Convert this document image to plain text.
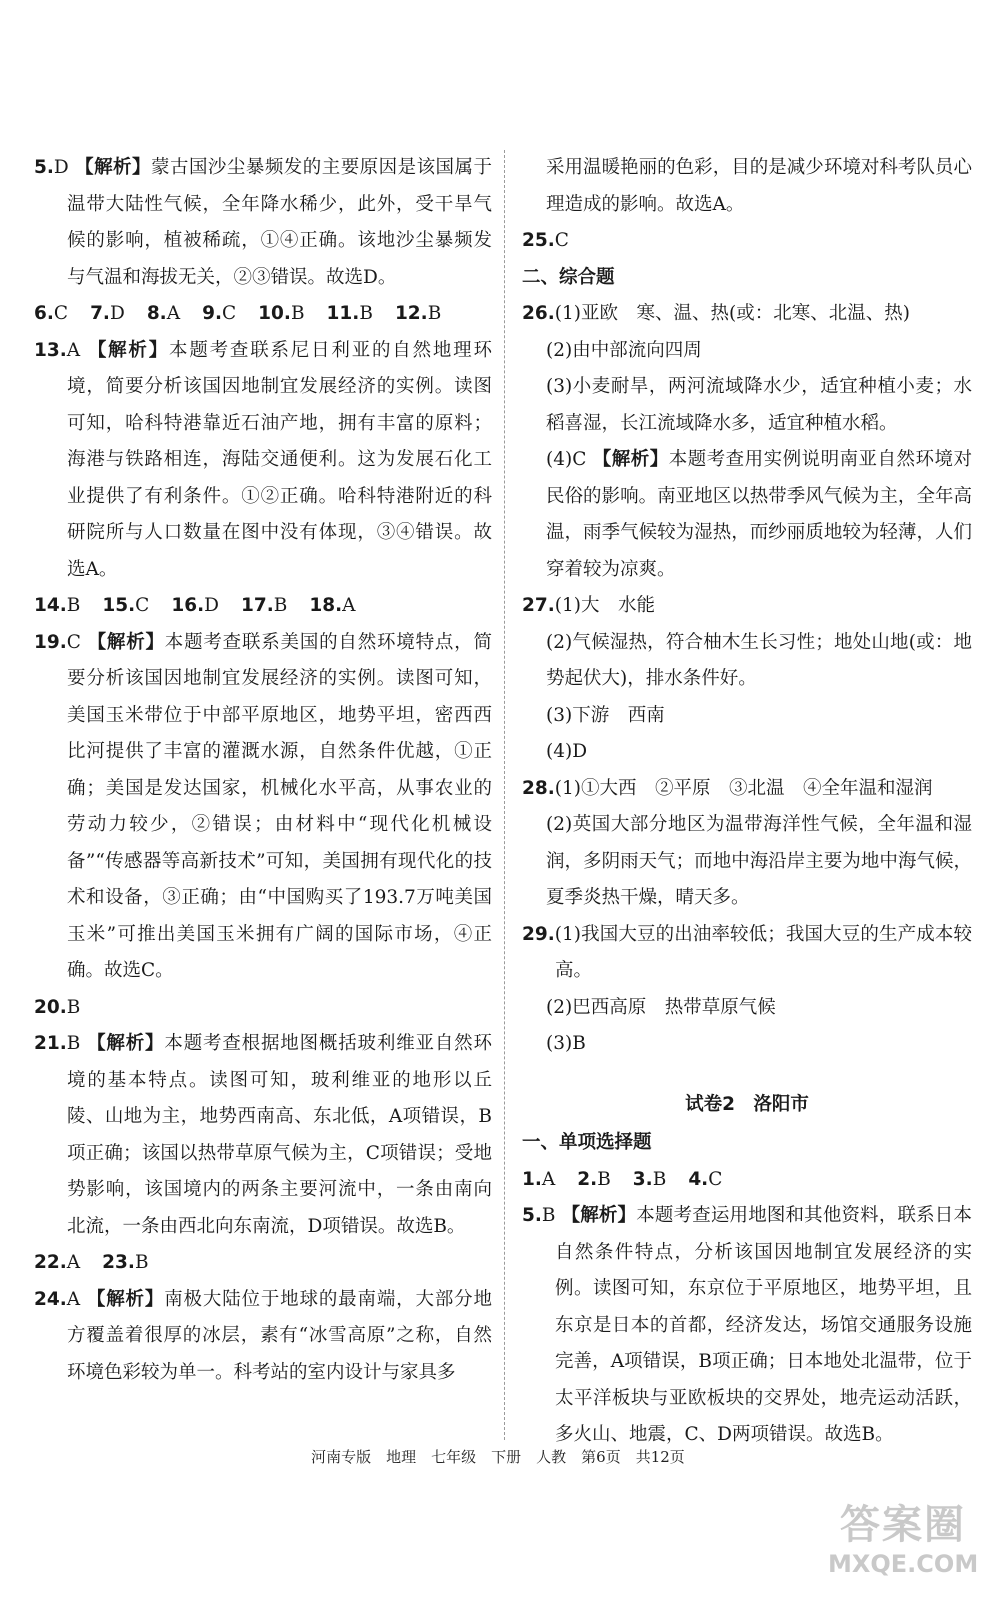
5.D 【解析】蒙古国沙尘暴频发的主要原因是该国属于温带大陆性气候，全年降水稀少，此外，受干旱气候的影响，植被稀疏，①④正确。该地沙尘暴频发与气温和海拔无关，②③错误。故选D。

6.C 7.D 8.A 9.C 10.B 11.B 12.B

13.A 【解析】本题考查联系尼日利亚的自然地理环境，简要分析该国因地制宜发展经济的实例。读图可知，哈科特港靠近石油产地，拥有丰富的原料；海港与铁路相连，海陆交通便利。这为发展石化工业提供了有利条件。①②正确。哈科特港附近的科研院所与人口数量在图中没有体现，③④错误。故选A。

14.B 15.C 16.D 17.B 18.A

19.C 【解析】本题考查联系美国的自然环境特点，简要分析该国因地制宜发展经济的实例。读图可知，美国玉米带位于中部平原地区，地势平坦，密西西比河提供了丰富的灌溉水源，自然条件优越，①正确；美国是发达国家，机械化水平高，从事农业的劳动力较少，②错误；由材料中“现代化机械设备”“传感器等高新技术”可知，美国拥有现代化的技术和设备，③正确；由“中国购买了193.7万吨美国玉米”可推出美国玉米拥有广阔的国际市场，④正确。故选C。

20.B

21.B 【解析】本题考查根据地图概括玻利维亚自然环境的基本特点。读图可知，玻利维亚的地形以丘陵、山地为主，地势西南高、东北低，A项错误，B项正确；该国以热带草原气候为主，C项错误；受地势影响，该国境内的两条主要河流中，一条由南向北流，一条由西北向东南流，D项错误。故选B。

22.A 23.B

24.A 【解析】南极大陆位于地球的最南端，大部分地方覆盖着很厚的冰层，素有“冰雪高原”之称，自然环境色彩较为单一。科考站的室内设计与家具多

采用温暖艳丽的色彩，目的是减少环境对科考队员心理造成的影响。故选A。

25.C

二、综合题

26.(1)亚欧　寒、温、热(或：北寒、北温、热)

(2)由中部流向四周

(3)小麦耐旱，两河流域降水少，适宜种植小麦；水稻喜湿，长江流域降水多，适宜种植水稻。

(4)C 【解析】本题考查用实例说明南亚自然环境对民俗的影响。南亚地区以热带季风气候为主，全年高温，雨季气候较为湿热，而纱丽质地较为轻薄，人们穿着较为凉爽。

27.(1)大　水能

(2)气候湿热，符合柚木生长习性；地处山地(或：地势起伏大)，排水条件好。

(3)下游　西南

(4)D

28.(1)①大西　②平原　③北温　④全年温和湿润

(2)英国大部分地区为温带海洋性气候，全年温和湿润，多阴雨天气；而地中海沿岸主要为地中海气候，夏季炎热干燥，晴天多。

29.(1)我国大豆的出油率较低；我国大豆的生产成本较高。

(2)巴西高原　热带草原气候

(3)B

试卷2　洛阳市

一、单项选择题

1.A 2.B 3.B 4.C

5.B 【解析】本题考查运用地图和其他资料，联系日本自然条件特点，分析该国因地制宜发展经济的实例。读图可知，东京位于平原地区，地势平坦，且东京是日本的首都，经济发达，场馆交通服务设施完善，A项错误，B项正确；日本地处北温带，位于太平洋板块与亚欧板块的交界处，地壳运动活跃，多火山、地震，C、D两项错误。故选B。

河南专版　地理　七年级　下册　人教　第6页　共12页
答案圈
MXQE.COM
